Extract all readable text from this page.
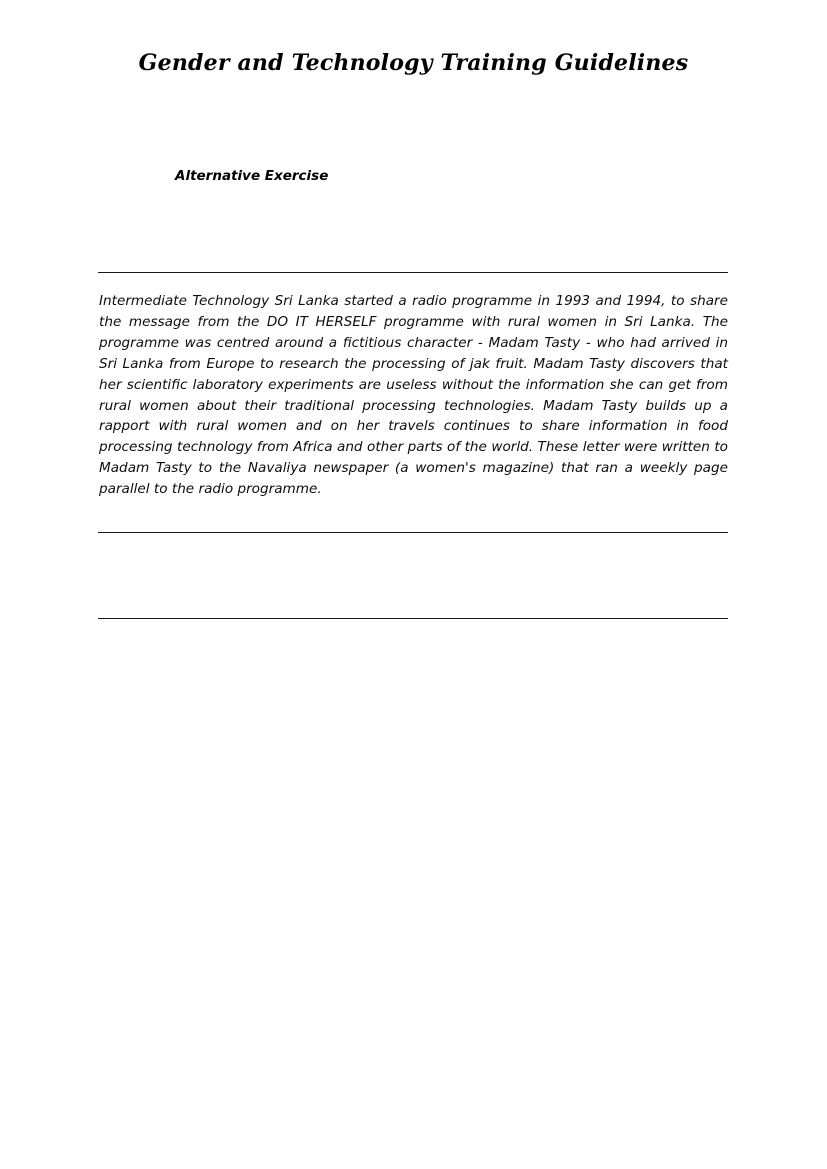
Gender and Technology Training Guidelines
Alternative Exercise
Intermediate Technology Sri Lanka started a radio programme in 1993 and 1994, to share the message from the DO IT HERSELF programme with rural women in Sri Lanka. The programme was centred around a fictitious character - Madam Tasty - who had arrived in Sri Lanka from Europe to research the processing of jak fruit. Madam Tasty discovers that her scientific laboratory experiments are useless without the information she can get from rural women about their traditional processing technologies. Madam Tasty builds up a rapport with rural women and on her travels continues to share information in food processing technology from Africa and other parts of the world. These letter were written to Madam Tasty to the Navaliya newspaper (a women's magazine) that ran a weekly page parallel to the radio programme.
